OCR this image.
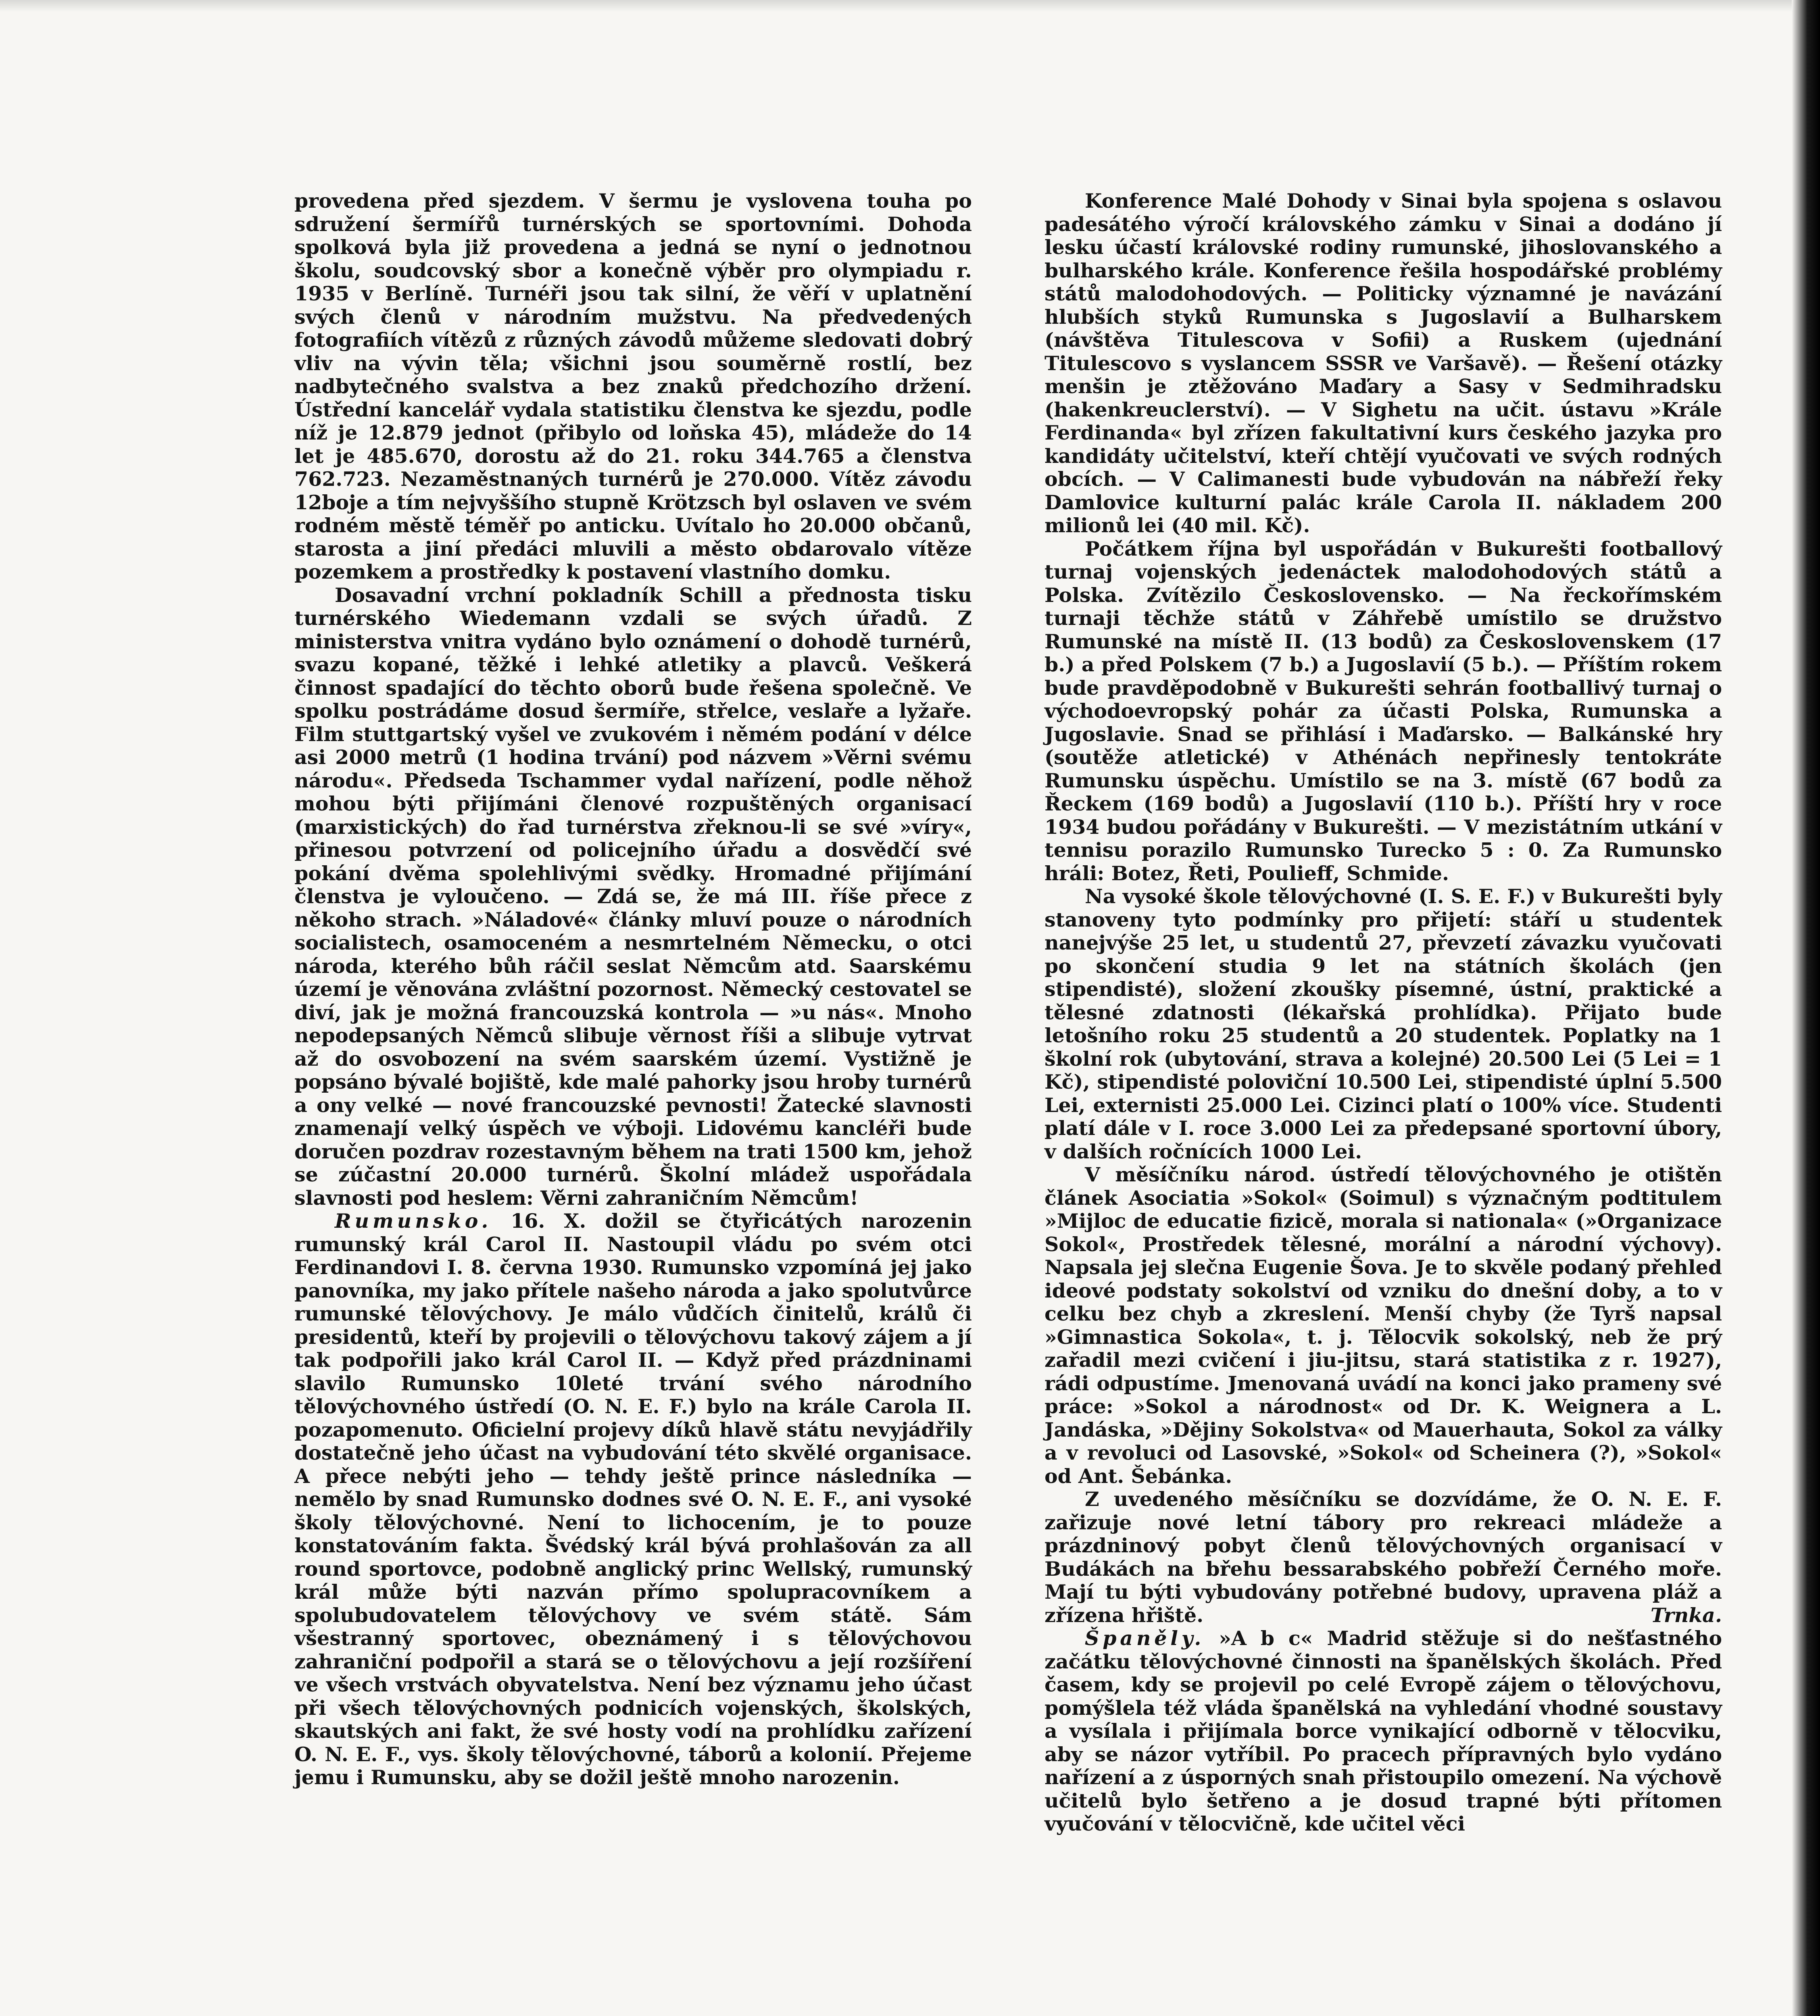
provedena před sjezdem. V šermu je vyslovena touha po sdružení šermířů turnérských se sportovními. Dohoda spolková byla již provedena a jedná se nyní o jednotnou školu, soudcovský sbor a konečně výběr pro olympiadu r. 1935 v Berlíně. Turnéři jsou tak silní, že věří v uplatnění svých členů v národním mužstvu. Na předvedených fotografiích vítězů z různých závodů můžeme sledovati dobrý vliv na vývin těla; všichni jsou souměrně rostlí, bez nadbytečného svalstva a bez znaků předchozího držení. Ústřední kancelář vydala statistiku členstva ke sjezdu, podle níž je 12.879 jednot (přibylo od loňska 45), mládeže do 14 let je 485.670, dorostu až do 21. roku 344.765 a členstva 762.723. Nezaměstnaných turnérů je 270.000. Vítěz závodu 12boje a tím nejvyššího stupně Krötzsch byl oslaven ve svém rodném městě téměř po anticku. Uvítalo ho 20.000 občanů, starosta a jiní předáci mluvili a město obdarovalo vítěze pozemkem a prostředky k postavení vlastního domku.

Dosavadní vrchní pokladník Schill a přednosta tisku turnérského Wiedemann vzdali se svých úřadů. Z ministerstva vnitra vydáno bylo oznámení o dohodě turnérů, svazu kopané, těžké i lehké atletiky a plavců. Veškerá činnost spadající do těchto oborů bude řešena společně. Ve spolku postrádáme dosud šermíře, střelce, veslaře a lyžaře. Film stuttgartský vyšel ve zvukovém i němém podání v délce asi 2000 metrů (1 hodina trvání) pod názvem »Věrni svému národu«. Předseda Tschammer vydal nařízení, podle něhož mohou býti přijímáni členové rozpuštěných organisací (marxistických) do řad turnérstva zřeknou-li se své »víry«, přinesou potvrzení od policejního úřadu a dosvědčí své pokání dvěma spolehlivými svědky. Hromadné přijímání členstva je vyloučeno. — Zdá se, že má III. říše přece z někoho strach. »Náladové« články mluví pouze o národních socialistech, osamoceném a nesmrtelném Německu, o otci národa, kterého bůh ráčil seslat Němcům atd. Saarskému území je věnována zvláštní pozornost. Německý cestovatel se diví, jak je možná francouzská kontrola — »u nás«. Mnoho nepodepsaných Němců slibuje věrnost říši a slibuje vytrvat až do osvobození na svém saarském území. Vystižně je popsáno bývalé bojiště, kde malé pahorky jsou hroby turnérů a ony velké — nové francouzské pevnosti! Žatecké slavnosti znamenají velký úspěch ve výboji. Lidovému kancléři bude doručen pozdrav rozestavným během na trati 1500 km, jehož se zúčastní 20.000 turnérů. Školní mládež uspořádala slavnosti pod heslem: Věrni zahraničním Němcům!

Rumunsko. 16. X. dožil se čtyřicátých narozenin rumunský král Carol II. Nastoupil vládu po svém otci Ferdinandovi I. 8. června 1930. Rumunsko vzpomíná jej jako panovníka, my jako přítele našeho národa a jako spolutvůrce rumunské tělovýchovy. Je málo vůdčích činitelů, králů či presidentů, kteří by projevili o tělovýchovu takový zájem a jí tak podpořili jako král Carol II. — Když před prázdninami slavilo Rumunsko 10leté trvání svého národního tělovýchovného ústředí (O. N. E. F.) bylo na krále Carola II. pozapomenuto. Oficielní projevy díků hlavě státu nevyjádřily dostatečně jeho účast na vybudování této skvělé organisace. A přece nebýti jeho — tehdy ještě prince následníka — nemělo by snad Rumunsko dodnes své O. N. E. F., ani vysoké školy tělovýchovné. Není to lichocením, je to pouze konstatováním fakta. Švédský král bývá prohlašován za all round sportovce, podobně anglický princ Wellský, rumunský král může býti nazván přímo spolupracovníkem a spolubudovatelem tělovýchovy ve svém státě. Sám všestranný sportovec, obeznámený i s tělovýchovou zahraniční podpořil a stará se o tělovýchovu a její rozšíření ve všech vrstvách obyvatelstva. Není bez významu jeho účast při všech tělovýchovných podnicích vojenských, školských, skautských ani fakt, že své hosty vodí na prohlídku zařízení O. N. E. F., vys. školy tělovýchovné, táborů a kolonií. Přejeme jemu i Rumunsku, aby se dožil ještě mnoho narozenin.

Konference Malé Dohody v Sinai byla spojena s oslavou padesátého výročí královského zámku v Sinai a dodáno jí lesku účastí královské rodiny rumunské, jihoslovanského a bulharského krále. Konference řešila hospodářské problémy států malodohodových. — Politicky významné je navázání hlubších styků Rumunska s Jugoslavií a Bulharskem (návštěva Titulescova v Sofii) a Ruskem (ujednání Titulescovo s vyslancem SSSR ve Varšavě). — Řešení otázky menšin je ztěžováno Maďary a Sasy v Sedmihradsku (hakenkreuclerství). — V Sighetu na učit. ústavu »Krále Ferdinanda« byl zřízen fakultativní kurs českého jazyka pro kandidáty učitelství, kteří chtějí vyučovati ve svých rodných obcích. — V Calimanesti bude vybudován na nábřeží řeky Damlovice kulturní palác krále Carola II. nákladem 200 milionů lei (40 mil. Kč).

Počátkem října byl uspořádán v Bukurešti footballový turnaj vojenských jedenáctek malodohodových států a Polska. Zvítězilo Československo. — Na řeckořímském turnaji těchže států v Záhřebě umístilo se družstvo Rumunské na místě II. (13 bodů) za Československem (17 b.) a před Polskem (7 b.) a Jugoslavií (5 b.). — Příštím rokem bude pravděpodobně v Bukurešti sehrán footballivý turnaj o východoevropský pohár za účasti Polska, Rumunska a Jugoslavie. Snad se přihlásí i Maďarsko. — Balkánské hry (soutěže atletické) v Athénách nepřinesly tentokráte Rumunsku úspěchu. Umístilo se na 3. místě (67 bodů za Řeckem (169 bodů) a Jugoslavií (110 b.). Příští hry v roce 1934 budou pořádány v Bukurešti. — V mezistátním utkání v tennisu porazilo Rumunsko Turecko 5 : 0. Za Rumunsko hráli: Botez, Řeti, Poulieff, Schmide.

Na vysoké škole tělovýchovné (I. S. E. F.) v Bukurešti byly stanoveny tyto podmínky pro přijetí: stáří u studentek nanejvýše 25 let, u studentů 27, převzetí závazku vyučovati po skončení studia 9 let na státních školách (jen stipendisté), složení zkoušky písemné, ústní, praktické a tělesné zdatnosti (lékařská prohlídka). Přijato bude letošního roku 25 studentů a 20 studentek. Poplatky na 1 školní rok (ubytování, strava a kolejné) 20.500 Lei (5 Lei = 1 Kč), stipendisté poloviční 10.500 Lei, stipendisté úplní 5.500 Lei, externisti 25.000 Lei. Cizinci platí o 100% více. Studenti platí dále v I. roce 3.000 Lei za předepsané sportovní úbory, v dalších ročnících 1000 Lei.

V měsíčníku národ. ústředí tělovýchovného je otištěn článek Asociatia »Sokol« (Soimul) s význačným podtitulem »Mijloc de educatie fizicě, morala si nationala« (»Organizace Sokol«, Prostředek tělesné, morální a národní výchovy). Napsala jej slečna Eugenie Šova. Je to skvěle podaný přehled ideové podstaty sokolství od vzniku do dnešní doby, a to v celku bez chyb a zkreslení. Menší chyby (že Tyrš napsal »Gimnastica Sokola«, t. j. Tělocvik sokolský, neb že prý zařadil mezi cvičení i jiu-jitsu, stará statistika z r. 1927), rádi odpustíme. Jmenovaná uvádí na konci jako prameny své práce: »Sokol a národnost« od Dr. K. Weignera a L. Jandáska, »Dějiny Sokolstva« od Mauerhauta, Sokol za války a v revoluci od Lasovské, »Sokol« od Scheinera (?), »Sokol« od Ant. Šebánka.

Z uvedeného měsíčníku se dozvídáme, že O. N. E. F. zařizuje nové letní tábory pro rekreaci mládeže a prázdninový pobyt členů tělovýchovných organisací v Budákách na břehu bessarabského pobřeží Černého moře. Mají tu býti vybudovány potřebné budovy, upravena pláž a zřízena hřiště.	Trnka.

Španěly. »A b c« Madrid stěžuje si do nešťastného začátku tělovýchovné činnosti na španělských školách. Před časem, kdy se projevil po celé Evropě zájem o tělovýchovu, pomýšlela též vláda španělská na vyhledání vhodné soustavy a vysílala i přijímala borce vynikající odborně v tělocviku, aby se názor vytříbil. Po pracech přípravných bylo vydáno nařízení a z úsporných snah přistoupilo omezení. Na výchově učitelů bylo šetřeno a je dosud trapné býti přítomen vyučování v tělocvičně, kde učitel věci
